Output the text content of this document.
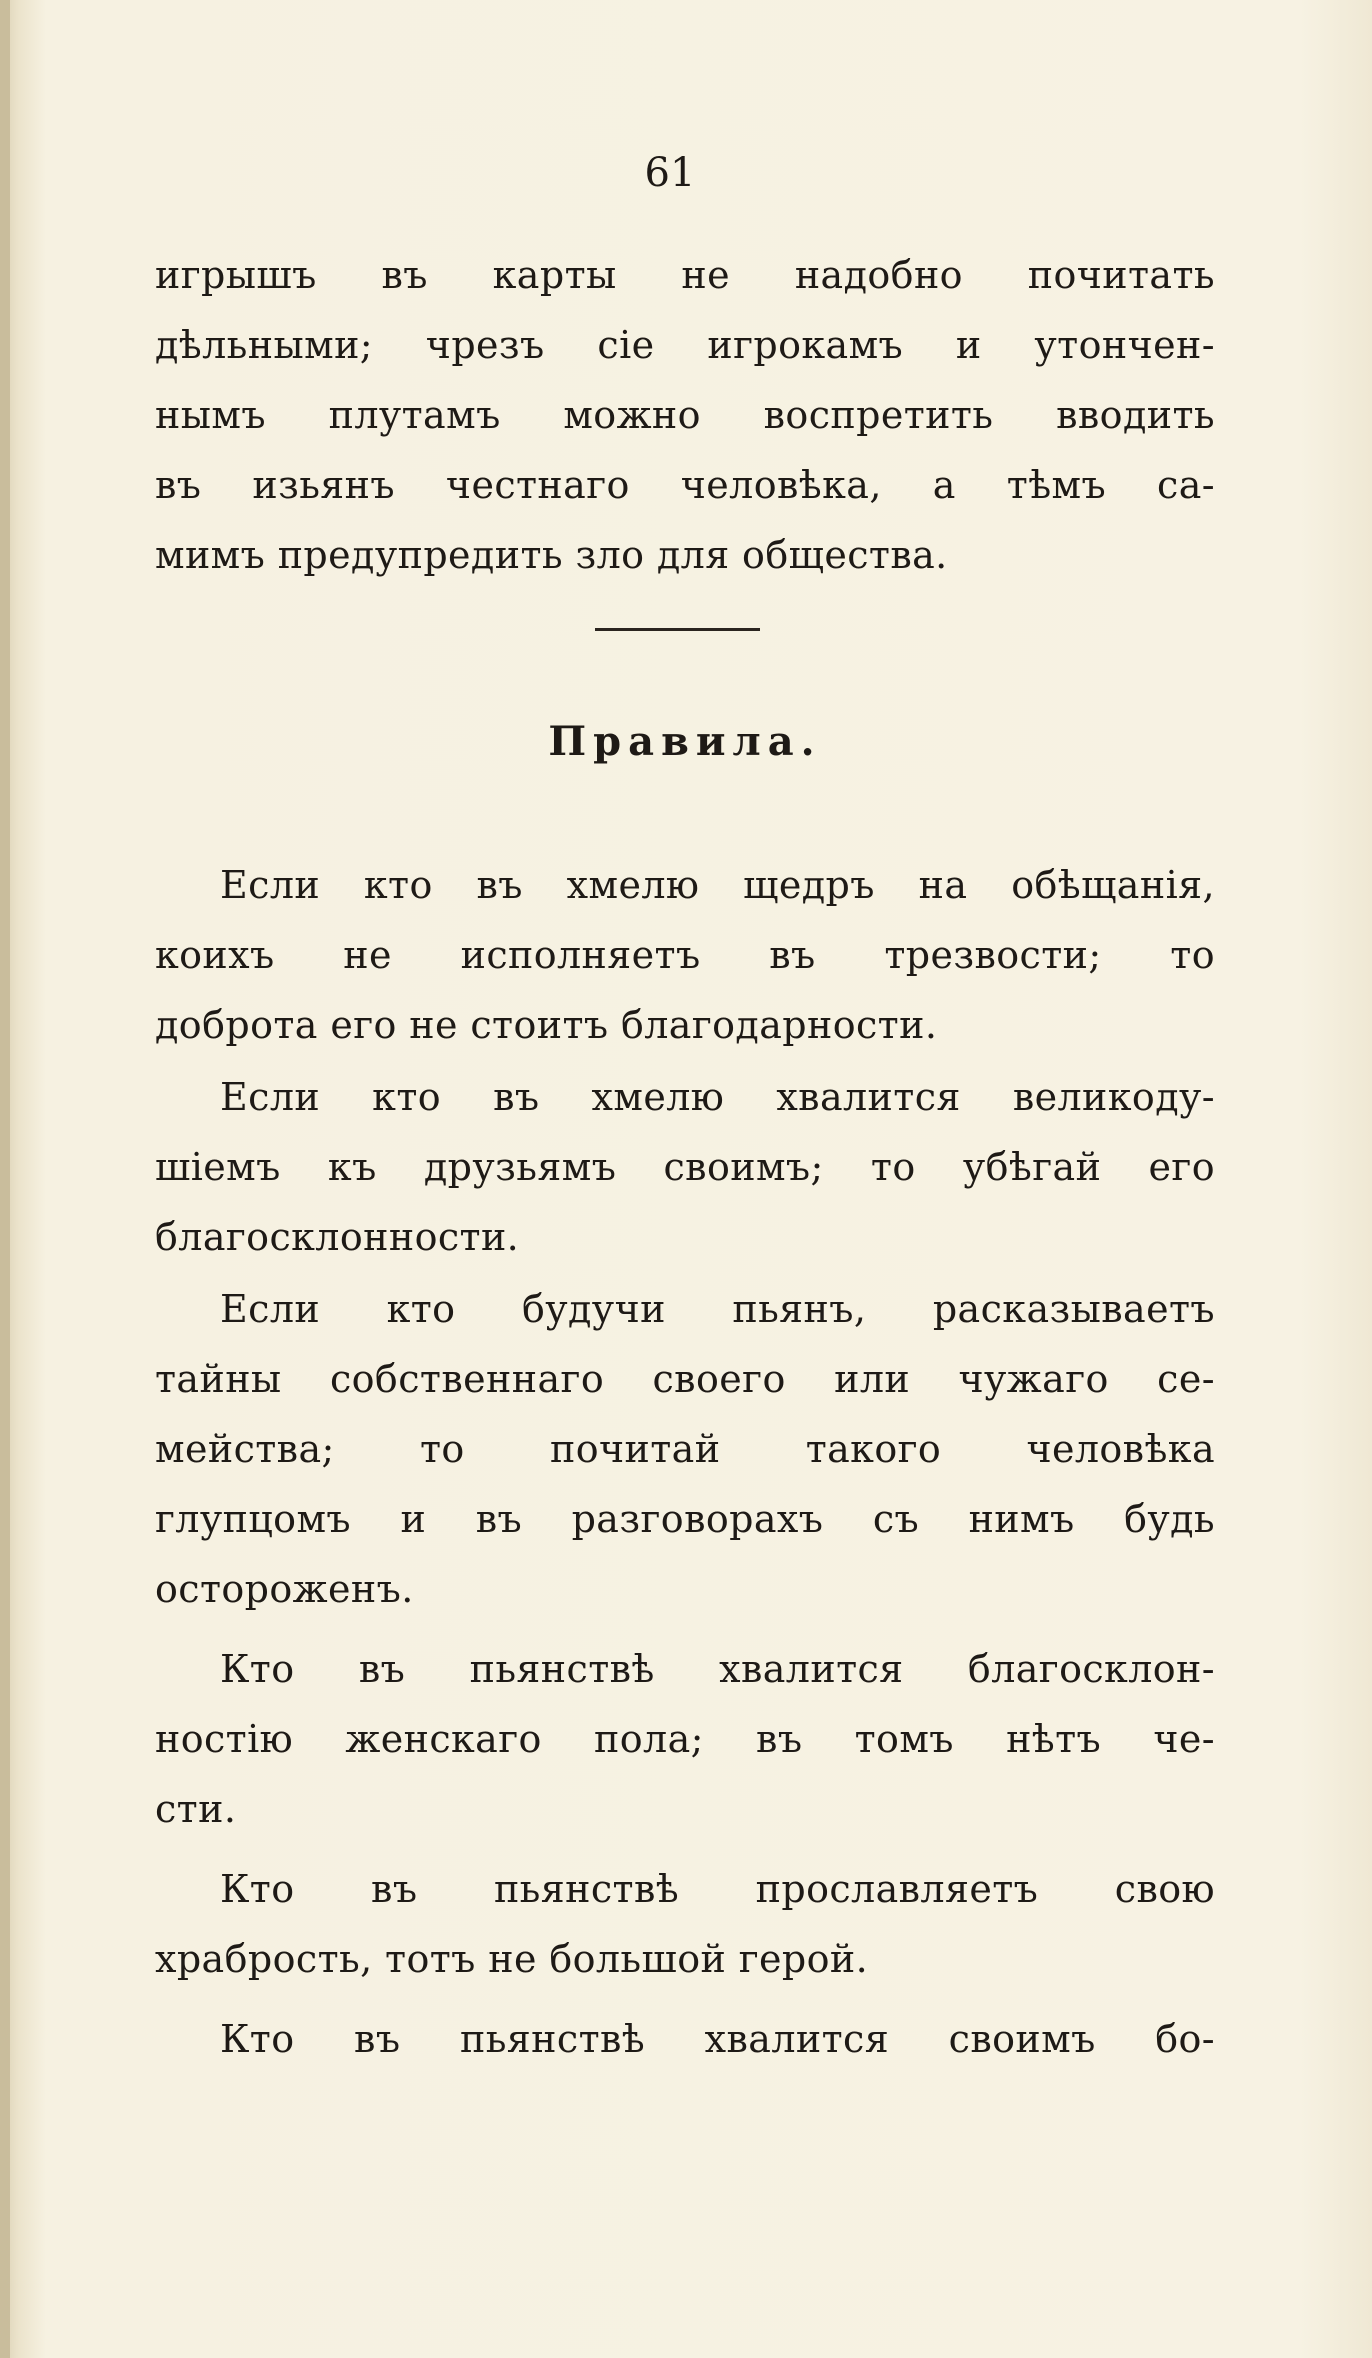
61
игрышъ въ карты не надобно почитать
дѣльными; чрезъ сіе игрокамъ и утончен-
нымъ плутамъ можно воспретить вводить
въ изьянъ честнаго человѣка, а тѣмъ са-
мимъ предупредить зло для общества.
Правила.
Если кто въ хмелю щедръ на обѣщанія,
коихъ не исполняетъ въ трезвости; то
доброта его не стоитъ благодарности.
Если кто въ хмелю хвалится великоду-
шіемъ къ друзьямъ своимъ; то убѣгай его
благосклонности.
Если кто будучи пьянъ, расказываетъ
тайны собственнаго своего или чужаго се-
мейства; то почитай такого человѣка
глупцомъ и въ разговорахъ съ нимъ будь
остороженъ.
Кто въ пьянствѣ хвалится благосклон-
ностію женскаго пола; въ томъ нѣтъ че-
сти.
Кто въ пьянствѣ прославляетъ свою
храбрость, тотъ не большой герой.
Кто въ пьянствѣ хвалится своимъ бо-
